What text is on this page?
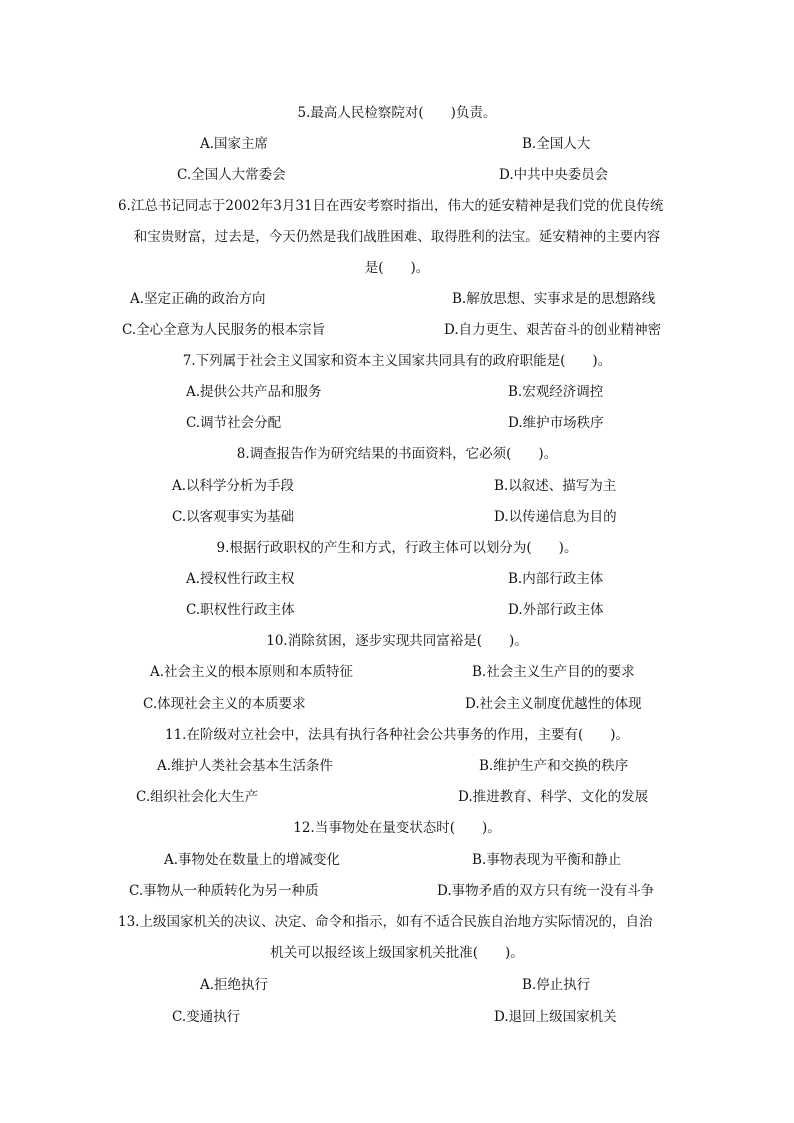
5.最高人民检察院对(　　)负责。
A.国家主席	B.全国人大
C.全国人大常委会	D.中共中央委员会
6.江总书记同志于2002年3月31日在西安考察时指出，伟大的延安精神是我们党的优良传统
和宝贵财富，过去是，今天仍然是我们战胜困难、取得胜利的法宝。延安精神的主要内容
是(　　)。
A.坚定正确的政治方向	B.解放思想、实事求是的思想路线
C.全心全意为人民服务的根本宗旨	D.自力更生、艰苦奋斗的创业精神密
7.下列属于社会主义国家和资本主义国家共同具有的政府职能是(　　)。
A.提供公共产品和服务	B.宏观经济调控
C.调节社会分配	D.维护市场秩序
8.调查报告作为研究结果的书面资料，它必须(　　)。
A.以科学分析为手段	B.以叙述、描写为主
C.以客观事实为基础	D.以传递信息为目的
9.根据行政职权的产生和方式，行政主体可以划分为(　　)。
A.授权性行政主权	B.内部行政主体
C.职权性行政主体	D.外部行政主体
10.消除贫困，逐步实现共同富裕是(　　)。
A.社会主义的根本原则和本质特征	B.社会主义生产目的的要求
C.体现社会主义的本质要求	D.社会主义制度优越性的体现
11.在阶级对立社会中，法具有执行各种社会公共事务的作用，主要有(　　)。
A.维护人类社会基本生活条件	B.维护生产和交换的秩序
C.组织社会化大生产	D.推进教育、科学、文化的发展
12.当事物处在量变状态时(　　)。
A.事物处在数量上的增减变化	B.事物表现为平衡和静止
C.事物从一种质转化为另一种质	D.事物矛盾的双方只有统一没有斗争
13.上级国家机关的决议、决定、命令和指示，如有不适合民族自治地方实际情况的，自治
机关可以报经该上级国家机关批准(　　)。
A.拒绝执行	B.停止执行
C.变通执行	D.退回上级国家机关
